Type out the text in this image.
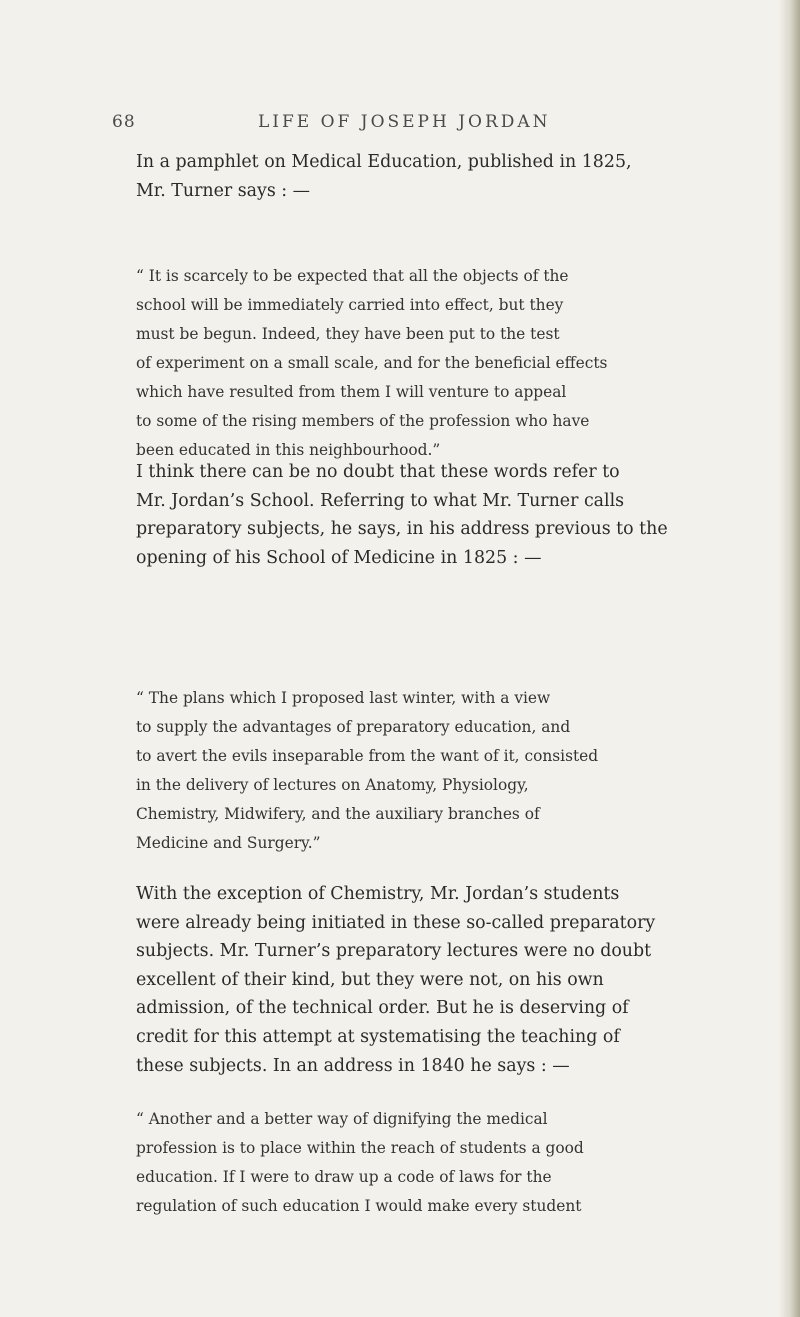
68	LIFE OF JOSEPH JORDAN
In a pamphlet on Medical Education, published in 1825,
Mr. Turner says : —
“ It is scarcely to be expected that all the objects of the
school will be immediately carried into effect, but they
must be begun. Indeed, they have been put to the test
of experiment on a small scale, and for the beneficial effects
which have resulted from them I will venture to appeal
to some of the rising members of the profession who have
been educated in this neighbourhood.”
I think there can be no doubt that these words refer to
Mr. Jordan’s School. Referring to what Mr. Turner calls
preparatory subjects, he says, in his address previous to the
opening of his School of Medicine in 1825 : —
“ The plans which I proposed last winter, with a view
to supply the advantages of preparatory education, and
to avert the evils inseparable from the want of it, consisted
in the delivery of lectures on Anatomy, Physiology,
Chemistry, Midwifery, and the auxiliary branches of
Medicine and Surgery.”
With the exception of Chemistry, Mr. Jordan’s students
were already being initiated in these so-called preparatory
subjects. Mr. Turner’s preparatory lectures were no doubt
excellent of their kind, but they were not, on his own
admission, of the technical order. But he is deserving of
credit for this attempt at systematising the teaching of
these subjects. In an address in 1840 he says : —
“ Another and a better way of dignifying the medical
profession is to place within the reach of students a good
education. If I were to draw up a code of laws for the
regulation of such education I would make every student
